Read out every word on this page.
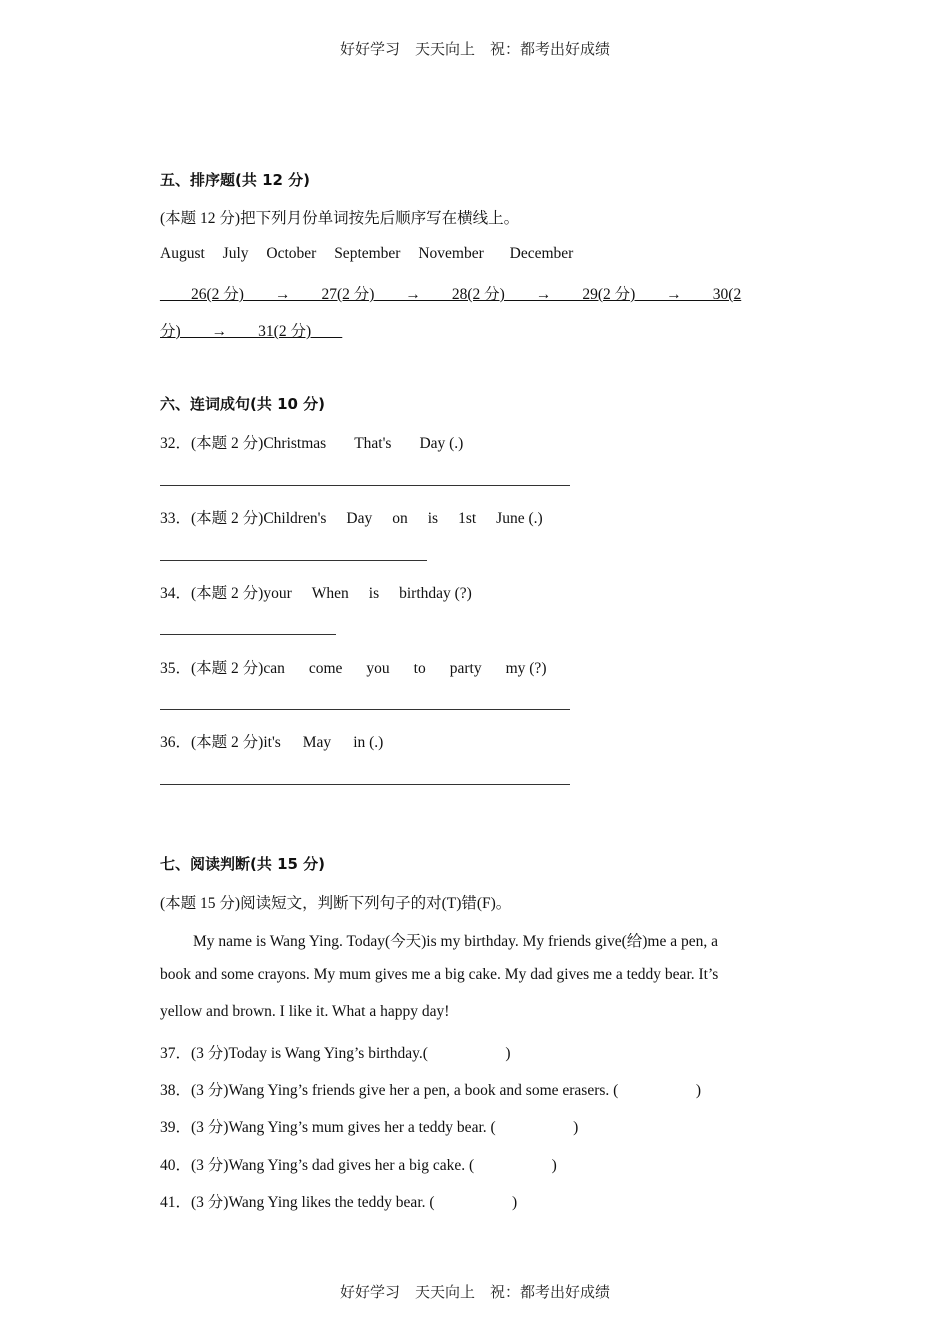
好好学习　天天向上　祝：都考出好成绩
五、排序题(共 12 分)
(本题 12 分)把下列月份单词按先后顺序写在横线上。
August July October September November December
____26(2 分)____→____27(2 分)____→____28(2 分)____→____29(2 分)____→____30(2
分)____→____31(2 分)____
六、连词成句(共 10 分)
32．(本题 2 分)Christmas That's Day (.)
33．(本题 2 分)Children's Day on is 1st June (.)
34．(本题 2 分)your When is birthday (?)
35．(本题 2 分)can come you to party my (?)
36．(本题 2 分)it's May in (.)
七、阅读判断(共 15 分)
(本题 15 分)阅读短文，判断下列句子的对(T)错(F)。
My name is Wang Ying. Today(今天)is my birthday. My friends give(给)me a pen, a
book and some crayons. My mum gives me a big cake. My dad gives me a teddy bear. It’s
yellow and brown. I like it. What a happy day!
37．(3 分)Today is Wang Ying’s birthday.(　　　　　)
38．(3 分)Wang Ying’s friends give her a pen, a book and some erasers. (　　　　　)
39．(3 分)Wang Ying’s mum gives her a teddy bear. (　　　　　)
40．(3 分)Wang Ying’s dad gives her a big cake. (　　　　　)
41．(3 分)Wang Ying likes the teddy bear. (　　　　　)
好好学习　天天向上　祝：都考出好成绩
